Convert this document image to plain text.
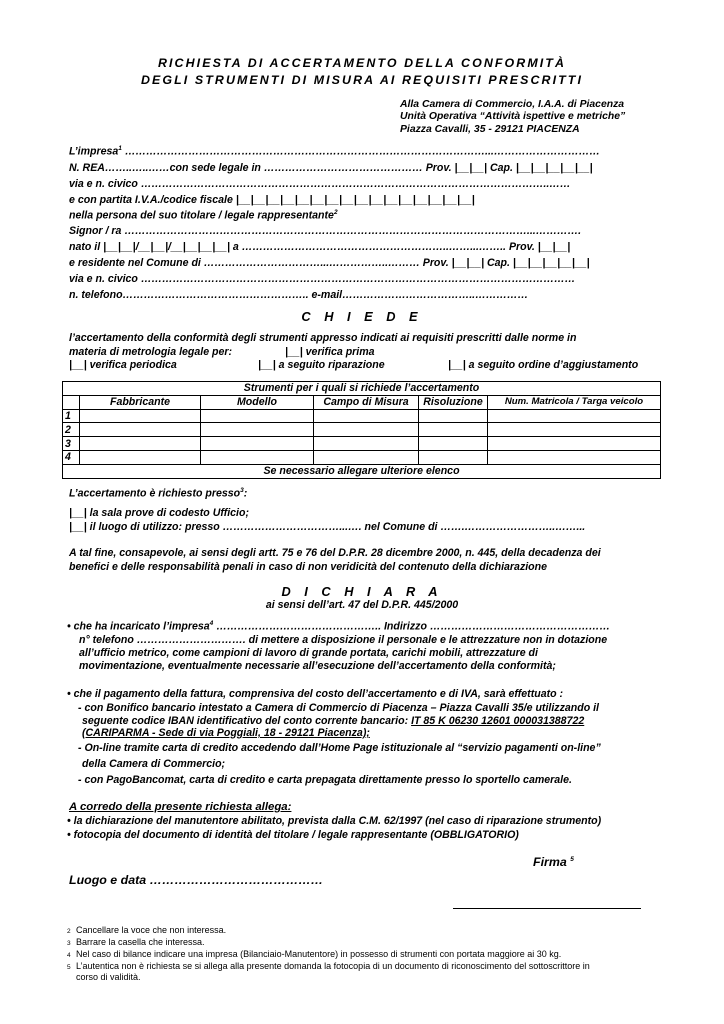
RICHIESTA DI ACCERTAMENTO DELLA CONFORMITÀ
DEGLI STRUMENTI DI MISURA AI REQUISITI PRESCRITTI
Alla Camera di Commercio, I.A.A. di Piacenza
Unità Operativa “Attività ispettive e metriche”
Piazza Cavalli, 35 - 29121 PIACENZA
L’impresa$^1$ …………………………………………………………………………………………...…………………………
N. REA……..…..……con sede legale in ……………………………………… Prov. |__|__| Cap. |__|__|__|__|__|
via e n. civico ……………………………………………………………………………………………………..……
e con partita I.V.A./codice fiscale |__|__|__|__|__|__|__|__|__|__|__|__|__|__|__|__|
nella persona del suo titolare / legale rappresentante$^2$
Signor / ra ……………………………………………………………………………………………………...………….
nato il |__|__|/__|__|/__|__|__|__| a …………………………………………………..……...…….. Prov. |__|__|
e residente nel Comune di ……………………………...……………..……… Prov. |__|__| Cap. |__|__|__|__|__|
via e n. civico ……………………………………………………………………………………………………………
n. telefono…………………………………………….. e-mail………………………………..……………
C H I E D E
l’accertamento della conformità degli strumenti appresso indicati ai requisiti prescritti dalle norme in
materia di metrologia legale per:	|__| verifica prima
|__| verifica periodica	|__| a seguito riparazione	|__| a seguito ordine d’aggiustamento
Strumenti per i quali si richiede l’accertamento					
	Fabbricante	Modello	Campo di Misura	Risoluzione	Num. Matricola / Targa veicolo
1					
2					
3					
4					
Se necessario allegare ulteriore elenco					
L’accertamento è richiesto presso$^3$:
|__| la sala prove di codesto Ufficio;
|__| il luogo di utilizzo: presso ……………………………...…. nel Comune di …….……………………..……...
A tal fine, consapevole, ai sensi degli artt. 75 e 76 del D.P.R. 28 dicembre 2000, n. 445, della decadenza dei
benefici e delle responsabilità penali in caso di non veridicità del contenuto della dichiarazione
D I C H I A R A
ai sensi dell’art. 47 del D.P.R. 445/2000
• che ha incaricato l’impresa$^4$ ……………………………………….. Indirizzo ……………………………………………
n° telefono …………………………. di mettere a disposizione il personale e le attrezzature non in dotazione
all’ufficio metrico, come campioni di lavoro di grande portata, carichi mobili, attrezzature di
movimentazione, eventualmente necessarie all’esecuzione dell’accertamento della conformità;
• che il pagamento della fattura, comprensiva del costo dell’accertamento e di IVA, sarà effettuato :
- con Bonifico bancario intestato a Camera di Commercio di Piacenza – Piazza Cavalli 35/e utilizzando il
seguente codice IBAN identificativo del conto corrente bancario: IT 85 K 06230 12601 000031388722
(CARIPARMA - Sede di via Poggiali, 18 - 29121 Piacenza);
- On-line tramite carta di credito accedendo dall’Home Page istituzionale al “servizio pagamenti on-line”
della Camera di Commercio;
- con PagoBancomat, carta di credito e carta prepagata direttamente presso lo sportello camerale.
A corredo della presente richiesta allega:
• la dichiarazione del manutentore abilitato, prevista dalla C.M. 62/1997 (nel caso di riparazione strumento)
• fotocopia del documento di identità del titolare / legale rappresentante (OBBLIGATORIO)
Firma $^5$
Luogo e data ……………………………………
2 Cancellare la voce che non interessa.
3 Barrare la casella che interessa.
4 Nel caso di bilance indicare una impresa (Bilanciaio-Manutentore) in possesso di strumenti con portata maggiore ai 30 kg.
5 L’autentica non è richiesta se si allega alla presente domanda la fotocopia di un documento di riconoscimento del sottoscrittore in
corso di validità.
